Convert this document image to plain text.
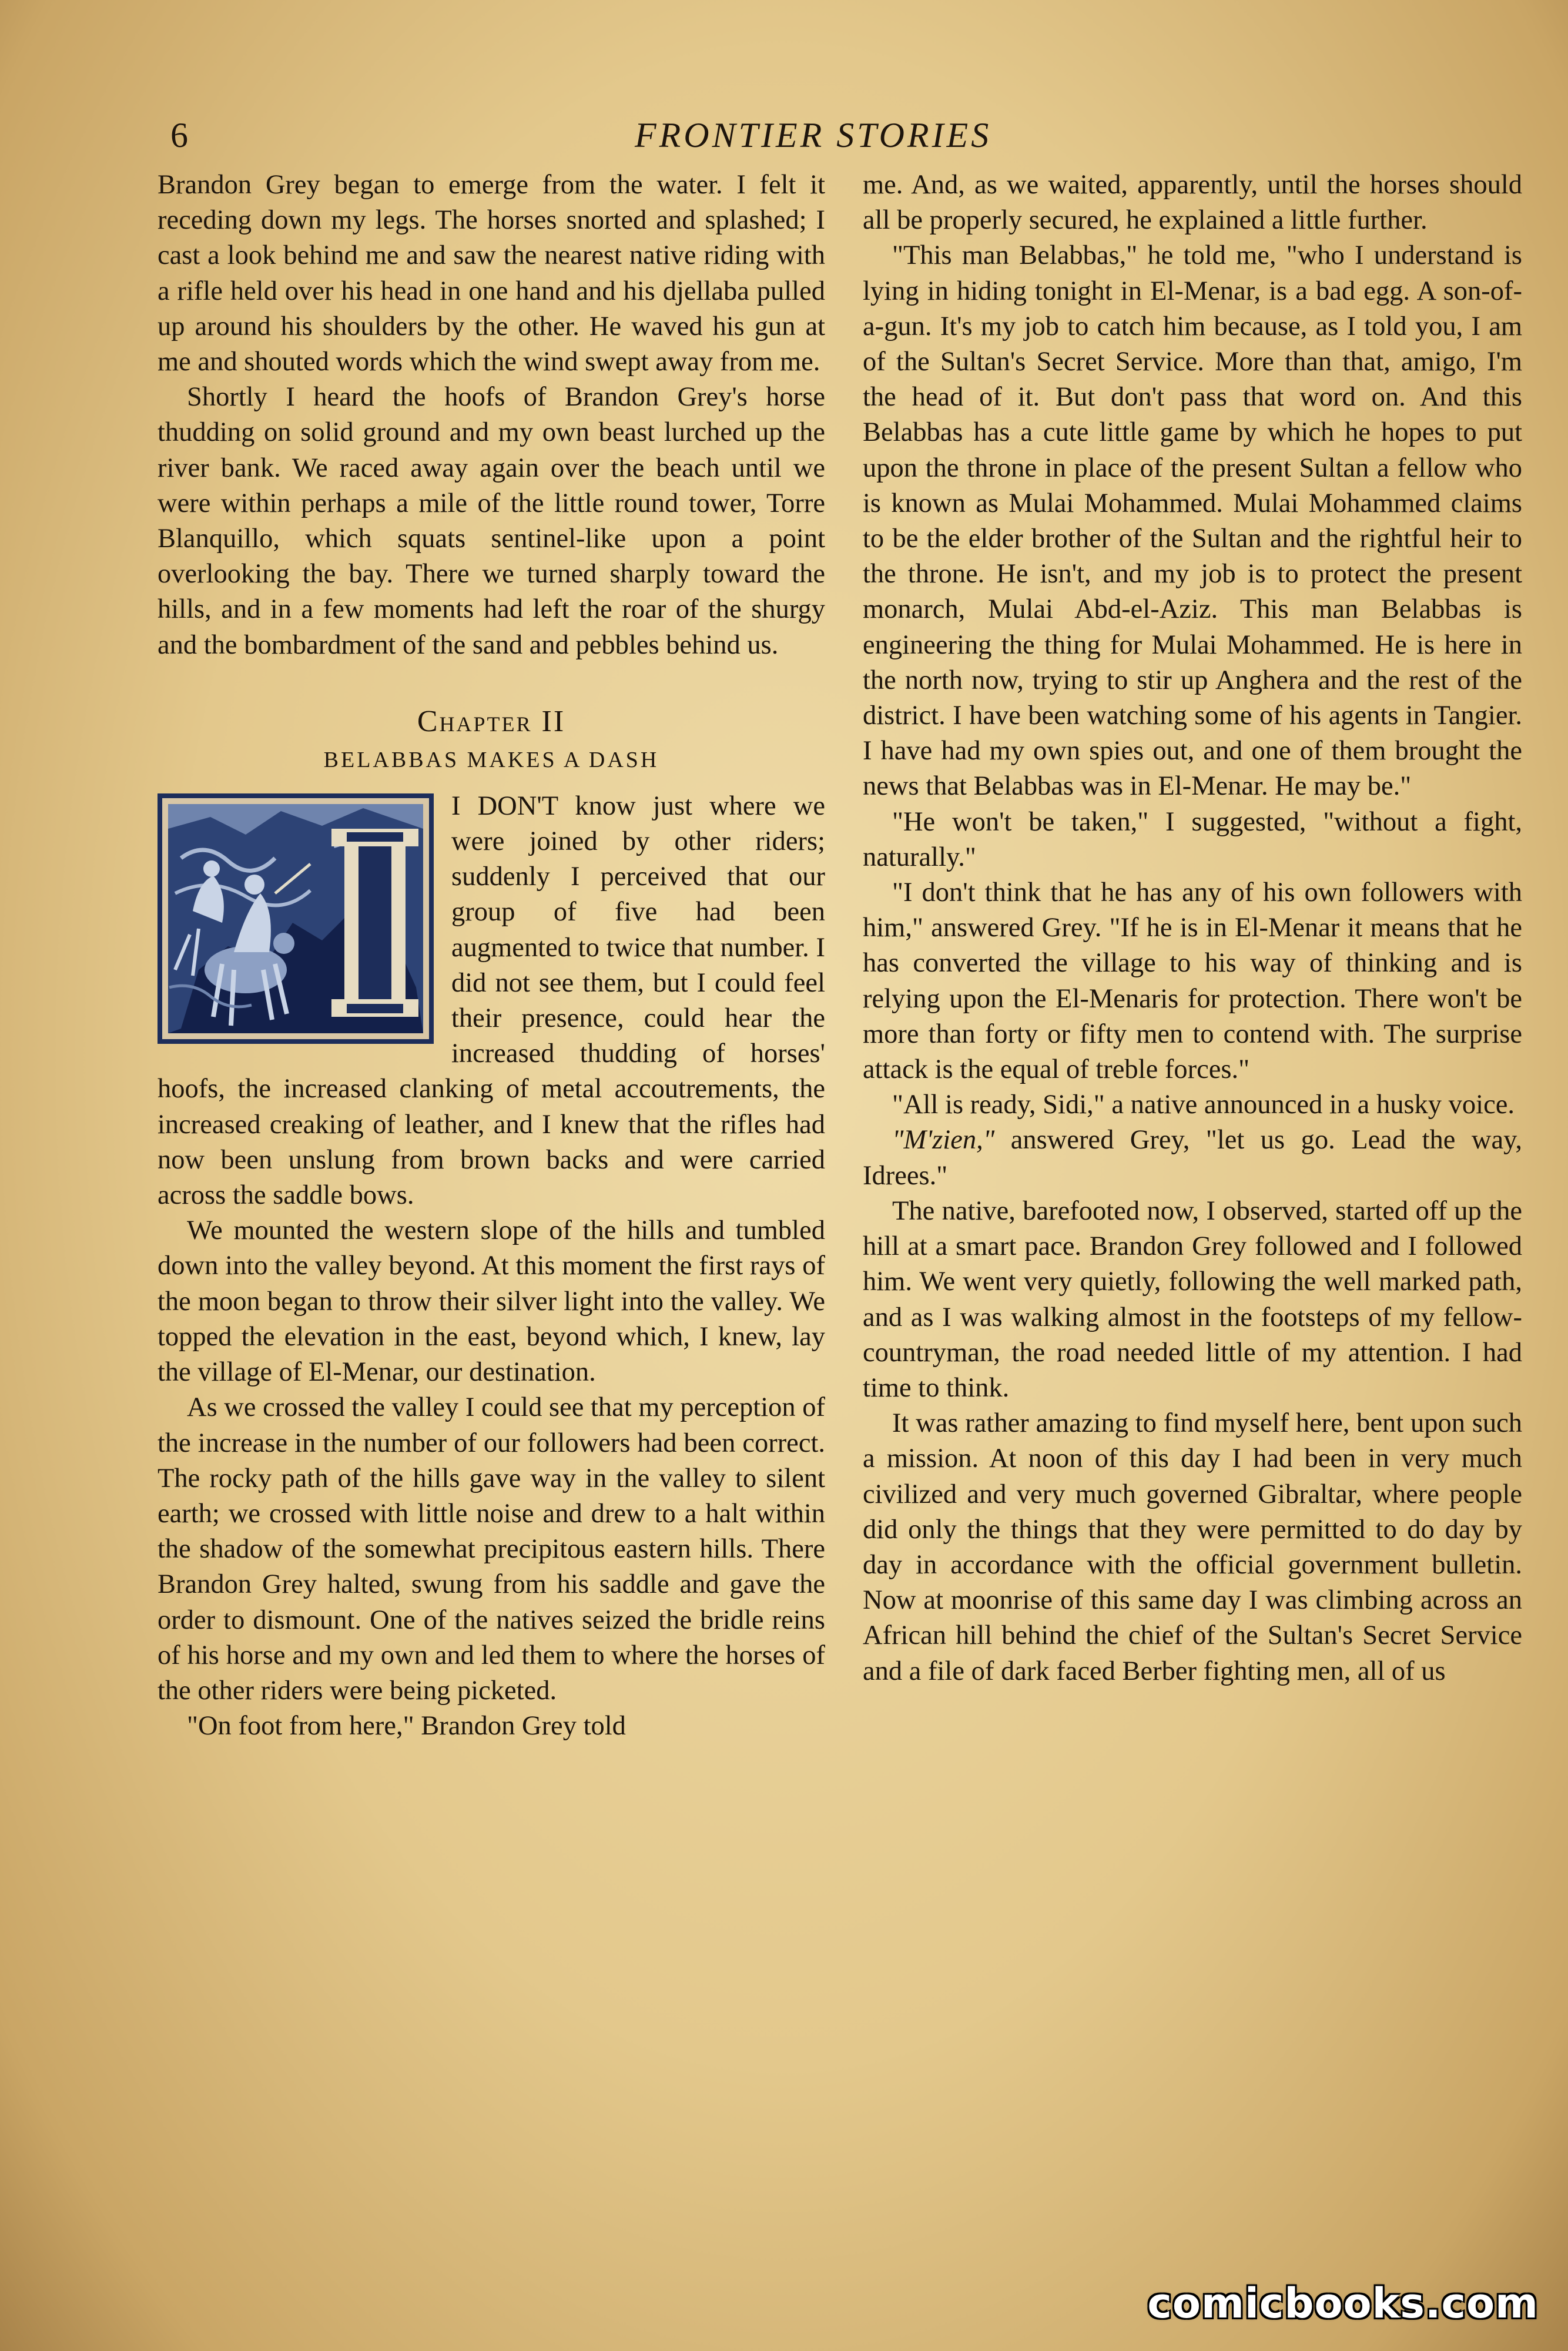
6	FRONTIER STORIES

Brandon Grey began to emerge from the water. I felt it receding down my legs. The horses snorted and splashed; I cast a look behind me and saw the nearest native riding with a rifle held over his head in one hand and his djellaba pulled up around his shoulders by the other. He waved his gun at me and shouted words which the wind swept away from me.

Shortly I heard the hoofs of Brandon Grey's horse thudding on solid ground and my own beast lurched up the river bank. We raced away again over the beach until we were within perhaps a mile of the little round tower, Torre Blanquillo, which squats sentinel-like upon a point overlooking the bay. There we turned sharply toward the hills, and in a few moments had left the roar of the shurgy and the bombardment of the sand and pebbles behind us.

Chapter II
BELABBAS MAKES A DASH

I DON'T know just where we were joined by other riders; suddenly I perceived that our group of five had been augmented to twice that number. I did not see them, but I could feel their presence, could hear the increased thudding of horses' hoofs, the increased clanking of metal accoutrements, the increased creaking of leather, and I knew that the rifles had now been unslung from brown backs and were carried across the saddle bows.

We mounted the western slope of the hills and tumbled down into the valley beyond. At this moment the first rays of the moon began to throw their silver light into the valley. We topped the elevation in the east, beyond which, I knew, lay the village of El-Menar, our destination.

As we crossed the valley I could see that my perception of the increase in the number of our followers had been correct. The rocky path of the hills gave way in the valley to silent earth; we crossed with little noise and drew to a halt within the shadow of the somewhat precipitous eastern hills. There Brandon Grey halted, swung from his saddle and gave the order to dismount. One of the natives seized the bridle reins of his horse and my own and led them to where the horses of the other riders were being picketed.

"On foot from here," Brandon Grey told

me. And, as we waited, apparently, until the horses should all be properly secured, he explained a little further.

"This man Belabbas," he told me, "who I understand is lying in hiding tonight in El-Menar, is a bad egg. A son-of-a-gun. It's my job to catch him because, as I told you, I am of the Sultan's Secret Service. More than that, amigo, I'm the head of it. But don't pass that word on. And this Belabbas has a cute little game by which he hopes to put upon the throne in place of the present Sultan a fellow who is known as Mulai Mohammed. Mulai Mohammed claims to be the elder brother of the Sultan and the rightful heir to the throne. He isn't, and my job is to protect the present monarch, Mulai Abd-el-Aziz. This man Belabbas is engineering the thing for Mulai Mohammed. He is here in the north now, trying to stir up Anghera and the rest of the district. I have been watching some of his agents in Tangier. I have had my own spies out, and one of them brought the news that Belabbas was in El-Menar. He may be."

"He won't be taken," I suggested, "without a fight, naturally."

"I don't think that he has any of his own followers with him," answered Grey. "If he is in El-Menar it means that he has converted the village to his way of thinking and is relying upon the El-Menaris for protection. There won't be more than forty or fifty men to contend with. The surprise attack is the equal of treble forces."

"All is ready, Sidi," a native announced in a husky voice.

"M'zien," answered Grey, "let us go. Lead the way, Idrees."

The native, barefooted now, I observed, started off up the hill at a smart pace. Brandon Grey followed and I followed him. We went very quietly, following the well marked path, and as I was walking almost in the footsteps of my fellow-countryman, the road needed little of my attention. I had time to think.

It was rather amazing to find myself here, bent upon such a mission. At noon of this day I had been in very much civilized and very much governed Gibraltar, where people did only the things that they were permitted to do day by day in accordance with the official government bulletin. Now at moonrise of this same day I was climbing across an African hill behind the chief of the Sultan's Secret Service and a file of dark faced Berber fighting men, all of us

comicbooks.com
